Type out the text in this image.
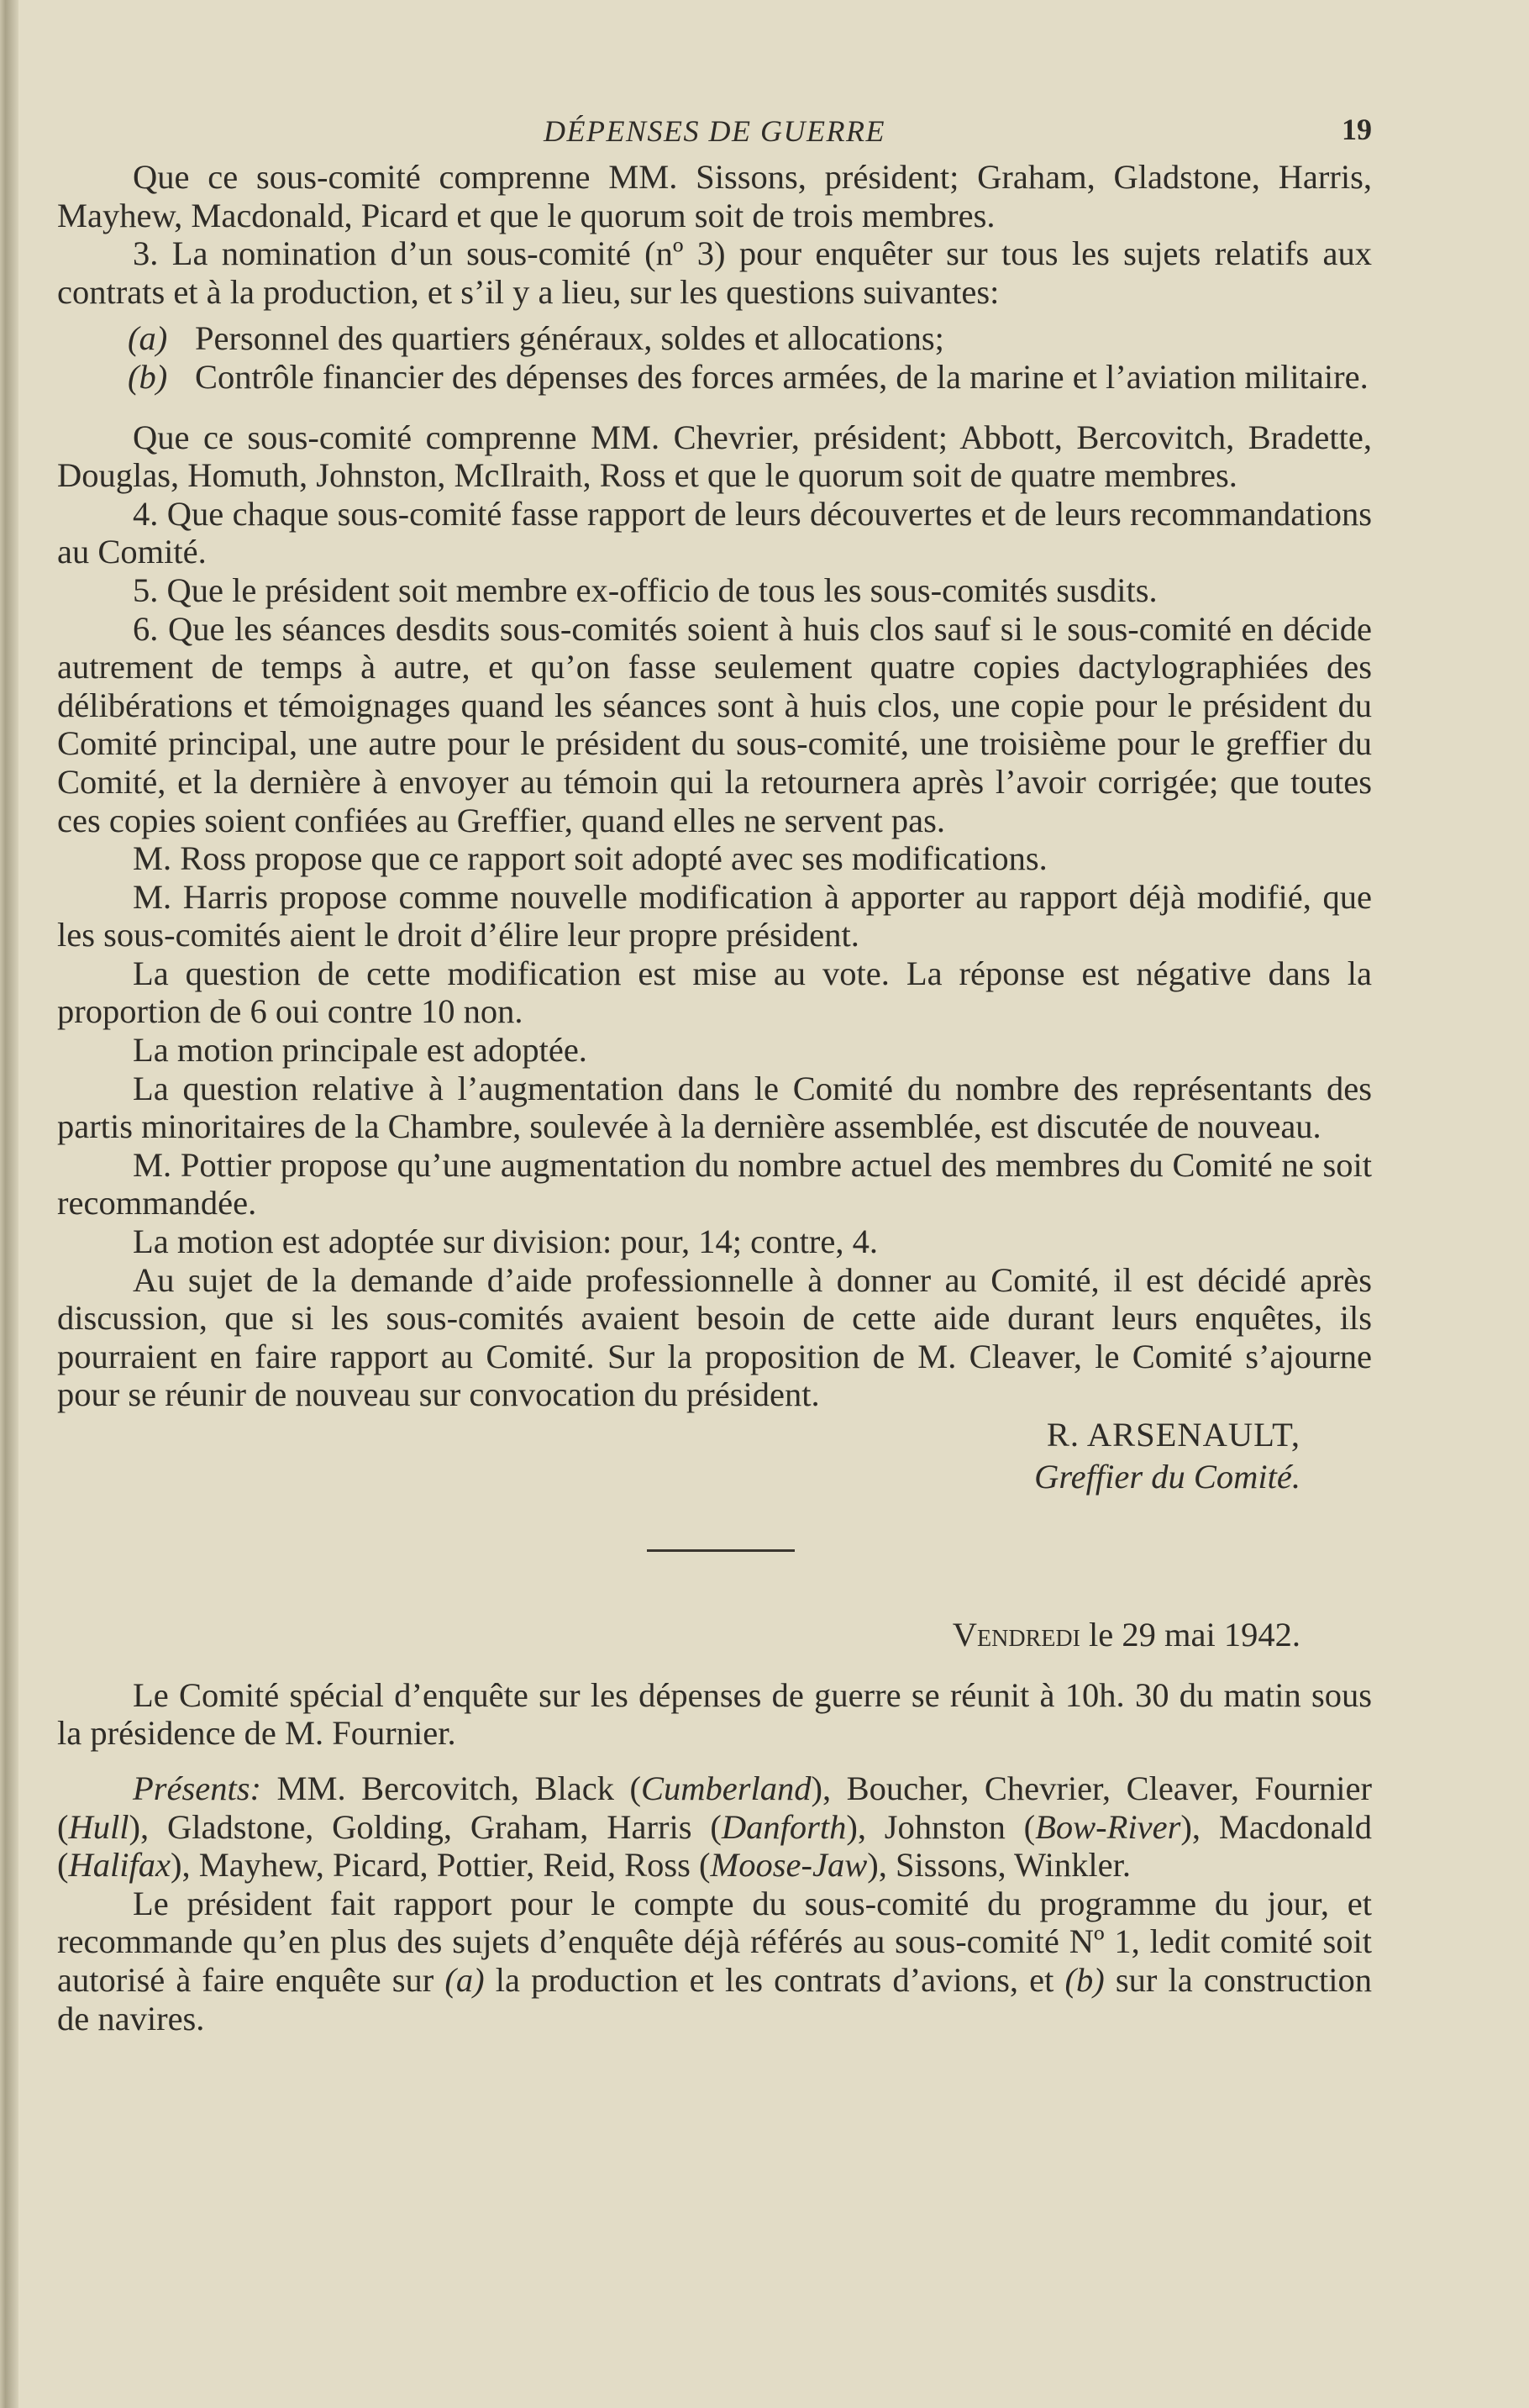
DÉPENSES DE GUERRE	19

Que ce sous-comité comprenne MM. Sissons, président; Graham, Gladstone, Harris, Mayhew, Macdonald, Picard et que le quorum soit de trois membres.

3. La nomination d’un sous-comité (nº 3) pour enquêter sur tous les sujets relatifs aux contrats et à la production, et s’il y a lieu, sur les questions suivantes:

(a) Personnel des quartiers généraux, soldes et allocations;
(b) Contrôle financier des dépenses des forces armées, de la marine et l’aviation militaire.

Que ce sous-comité comprenne MM. Chevrier, président; Abbott, Bercovitch, Bradette, Douglas, Homuth, Johnston, McIlraith, Ross et que le quorum soit de quatre membres.

4. Que chaque sous-comité fasse rapport de leurs découvertes et de leurs recommandations au Comité.

5. Que le président soit membre ex-officio de tous les sous-comités susdits.

6. Que les séances desdits sous-comités soient à huis clos sauf si le sous-comité en décide autrement de temps à autre, et qu’on fasse seulement quatre copies dactylographiées des délibérations et témoignages quand les séances sont à huis clos, une copie pour le président du Comité principal, une autre pour le président du sous-comité, une troisième pour le greffier du Comité, et la dernière à envoyer au témoin qui la retournera après l’avoir corrigée; que toutes ces copies soient confiées au Greffier, quand elles ne servent pas.

M. Ross propose que ce rapport soit adopté avec ses modifications.

M. Harris propose comme nouvelle modification à apporter au rapport déjà modifié, que les sous-comités aient le droit d’élire leur propre président.

La question de cette modification est mise au vote. La réponse est négative dans la proportion de 6 oui contre 10 non.

La motion principale est adoptée.

La question relative à l’augmentation dans le Comité du nombre des représentants des partis minoritaires de la Chambre, soulevée à la dernière assemblée, est discutée de nouveau.

M. Pottier propose qu’une augmentation du nombre actuel des membres du Comité ne soit recommandée.

La motion est adoptée sur division: pour, 14; contre, 4.

Au sujet de la demande d’aide professionnelle à donner au Comité, il est décidé après discussion, que si les sous-comités avaient besoin de cette aide durant leurs enquêtes, ils pourraient en faire rapport au Comité. Sur la proposition de M. Cleaver, le Comité s’ajourne pour se réunir de nouveau sur convocation du président.

R. ARSENAULT,
Greffier du Comité.
Vendredi le 29 mai 1942.

Le Comité spécial d’enquête sur les dépenses de guerre se réunit à 10h. 30 du matin sous la présidence de M. Fournier.

Présents: MM. Bercovitch, Black (Cumberland), Boucher, Chevrier, Cleaver, Fournier (Hull), Gladstone, Golding, Graham, Harris (Danforth), Johnston (Bow-River), Macdonald (Halifax), Mayhew, Picard, Pottier, Reid, Ross (Moose-Jaw), Sissons, Winkler.

Le président fait rapport pour le compte du sous-comité du programme du jour, et recommande qu’en plus des sujets d’enquête déjà référés au sous-comité Nº 1, ledit comité soit autorisé à faire enquête sur (a) la production et les contrats d’avions, et (b) sur la construction de navires.
